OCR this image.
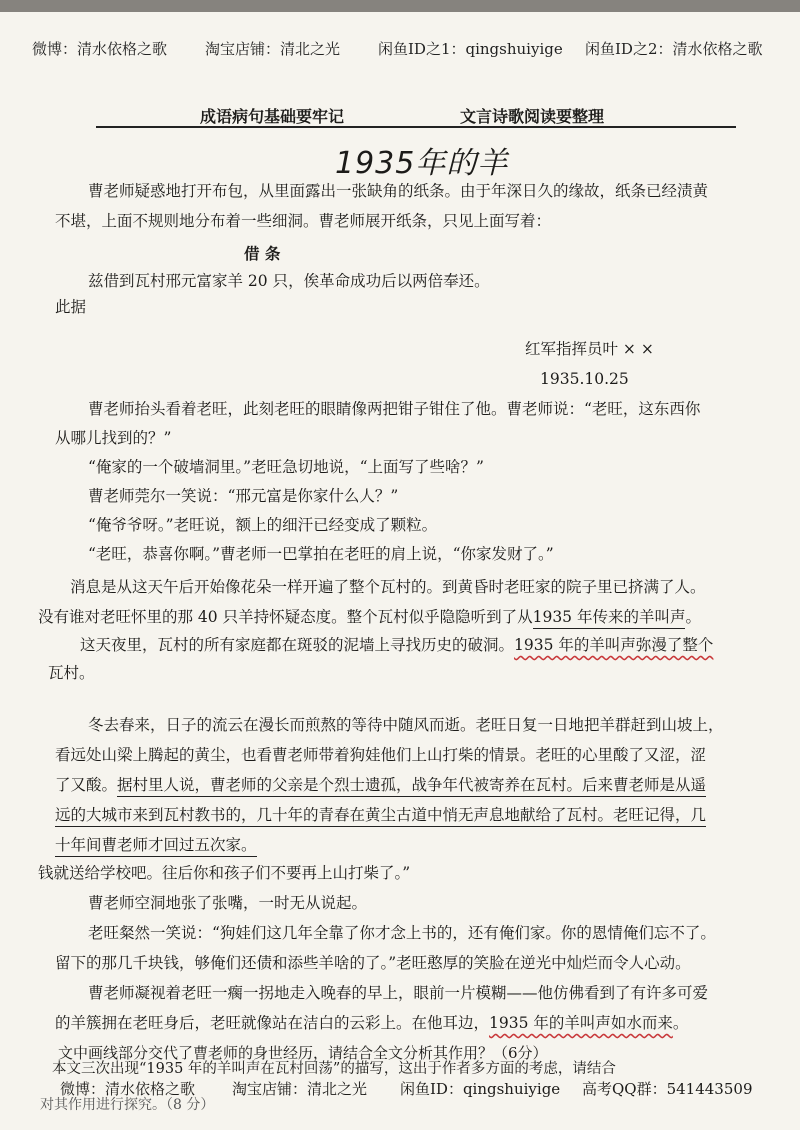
微博：清水依格之歌	淘宝店铺：清北之光	闲鱼ID之1：qingshuiyige 闲鱼ID之2：清水依格之歌
成语病句基础要牢记	文言诗歌阅读要整理
1935年的羊
曹老师疑惑地打开布包，从里面露出一张缺角的纸条。由于年深日久的缘故，纸条已经渍黄
不堪，上面不规则地分布着一些细洞。曹老师展开纸条，只见上面写着：
借 条
兹借到瓦村邢元富家羊 20 只，俟革命成功后以两倍奉还。
此据
红军指挥员叶 × ×
1935.10.25
曹老师抬头看着老旺，此刻老旺的眼睛像两把钳子钳住了他。曹老师说：“老旺，这东西你
从哪儿找到的？”
“俺家的一个破墙洞里。”老旺急切地说，“上面写了些啥？”
曹老师莞尔一笑说：“邢元富是你家什么人？”
“俺爷爷呀。”老旺说，额上的细汗已经变成了颗粒。
“老旺，恭喜你啊。”曹老师一巴掌拍在老旺的肩上说，“你家发财了。”
消息是从这天午后开始像花朵一样开遍了整个瓦村的。到黄昏时老旺家的院子里已挤满了人。
没有谁对老旺怀里的那 40 只羊持怀疑态度。整个瓦村似乎隐隐听到了从1935 年传来的羊叫声。
这天夜里，瓦村的所有家庭都在斑驳的泥墙上寻找历史的破洞。1935 年的羊叫声弥漫了整个
瓦村。
冬去春来，日子的流云在漫长而煎熬的等待中随风而逝。老旺日复一日地把羊群赶到山坡上，
看远处山梁上腾起的黄尘，也看曹老师带着狗娃他们上山打柴的情景。老旺的心里酸了又涩，涩
了又酸。据村里人说，曹老师的父亲是个烈士遗孤，战争年代被寄养在瓦村。后来曹老师是从遥
远的大城市来到瓦村教书的，几十年的青春在黄尘古道中悄无声息地献给了瓦村。老旺记得，几
十年间曹老师才回过五次家。
钱就送给学校吧。往后你和孩子们不要再上山打柴了。”
曹老师空洞地张了张嘴，一时无从说起。
老旺粲然一笑说：“狗娃们这几年全靠了你才念上书的，还有俺们家。你的恩情俺们忘不了。
留下的那几千块钱，够俺们还债和添些羊啥的了。”老旺憨厚的笑脸在逆光中灿烂而令人心动。
曹老师凝视着老旺一瘸一拐地走入晚春的早上，眼前一片模糊——他仿佛看到了有许多可爱
的羊簇拥在老旺身后，老旺就像站在洁白的云彩上。在他耳边，1935 年的羊叫声如水而来。
文中画线部分交代了曹老师的身世经历，请结合全文分析其作用？（6分）
本文三次出现“1935 年的羊叫声在瓦村回荡”的描写，这出于作者多方面的考虑，请结合
对其作用进行探究。（8 分）
微博：清水依格之歌 淘宝店铺：清北之光 闲鱼ID：qingshuiyige 高考QQ群：541443509
